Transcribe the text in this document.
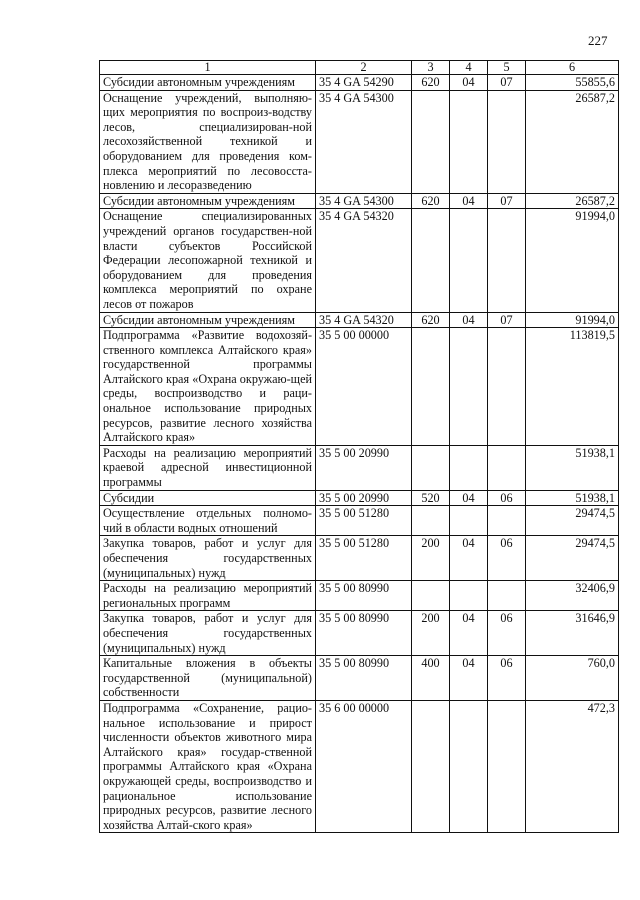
227
1	2	3	4	5	6
Субсидии автономным учреждениям	35 4 GA 54290	620	04	07	55855,6
Оснащение учреждений, выполняю-щих мероприятия по воспроиз-водству лесов, специализирован-ной лесохозяйственной техникой и оборудованием для проведения ком-плекса мероприятий по лесовосста-новлению и лесоразведению	35 4 GA 54300				26587,2
Субсидии автономным учреждениям	35 4 GA 54300	620	04	07	26587,2
Оснащение специализированных учреждений органов государствен-ной власти субъектов Российской Федерации лесопожарной техникой и оборудованием для проведения комплекса мероприятий по охране лесов от пожаров	35 4 GA 54320				91994,0
Субсидии автономным учреждениям	35 4 GA 54320	620	04	07	91994,0
Подпрограмма «Развитие водохозяй-ственного комплекса Алтайского края» государственной программы Алтайского края «Охрана окружаю-щей среды, воспроизводство и раци-ональное использование природных ресурсов, развитие лесного хозяйства Алтайского края»	35 5 00 00000				113819,5
Расходы на реализацию мероприятий краевой адресной инвестиционной программы	35 5 00 20990				51938,1
Субсидии	35 5 00 20990	520	04	06	51938,1
Осуществление отдельных полномо-чий в области водных отношений	35 5 00 51280				29474,5
Закупка товаров, работ и услуг для обеспечения государственных (муниципальных) нужд	35 5 00 51280	200	04	06	29474,5
Расходы на реализацию мероприятий региональных программ	35 5 00 80990				32406,9
Закупка товаров, работ и услуг для обеспечения государственных (муниципальных) нужд	35 5 00 80990	200	04	06	31646,9
Капитальные вложения в объекты государственной (муниципальной) собственности	35 5 00 80990	400	04	06	760,0
Подпрограмма «Сохранение, рацио-нальное использование и прирост численности объектов животного мира Алтайского края» государ-ственной программы Алтайского края «Охрана окружающей среды, воспроизводство и рациональное использование природных ресурсов, развитие лесного хозяйства Алтай-ского края»	35 6 00 00000				472,3
